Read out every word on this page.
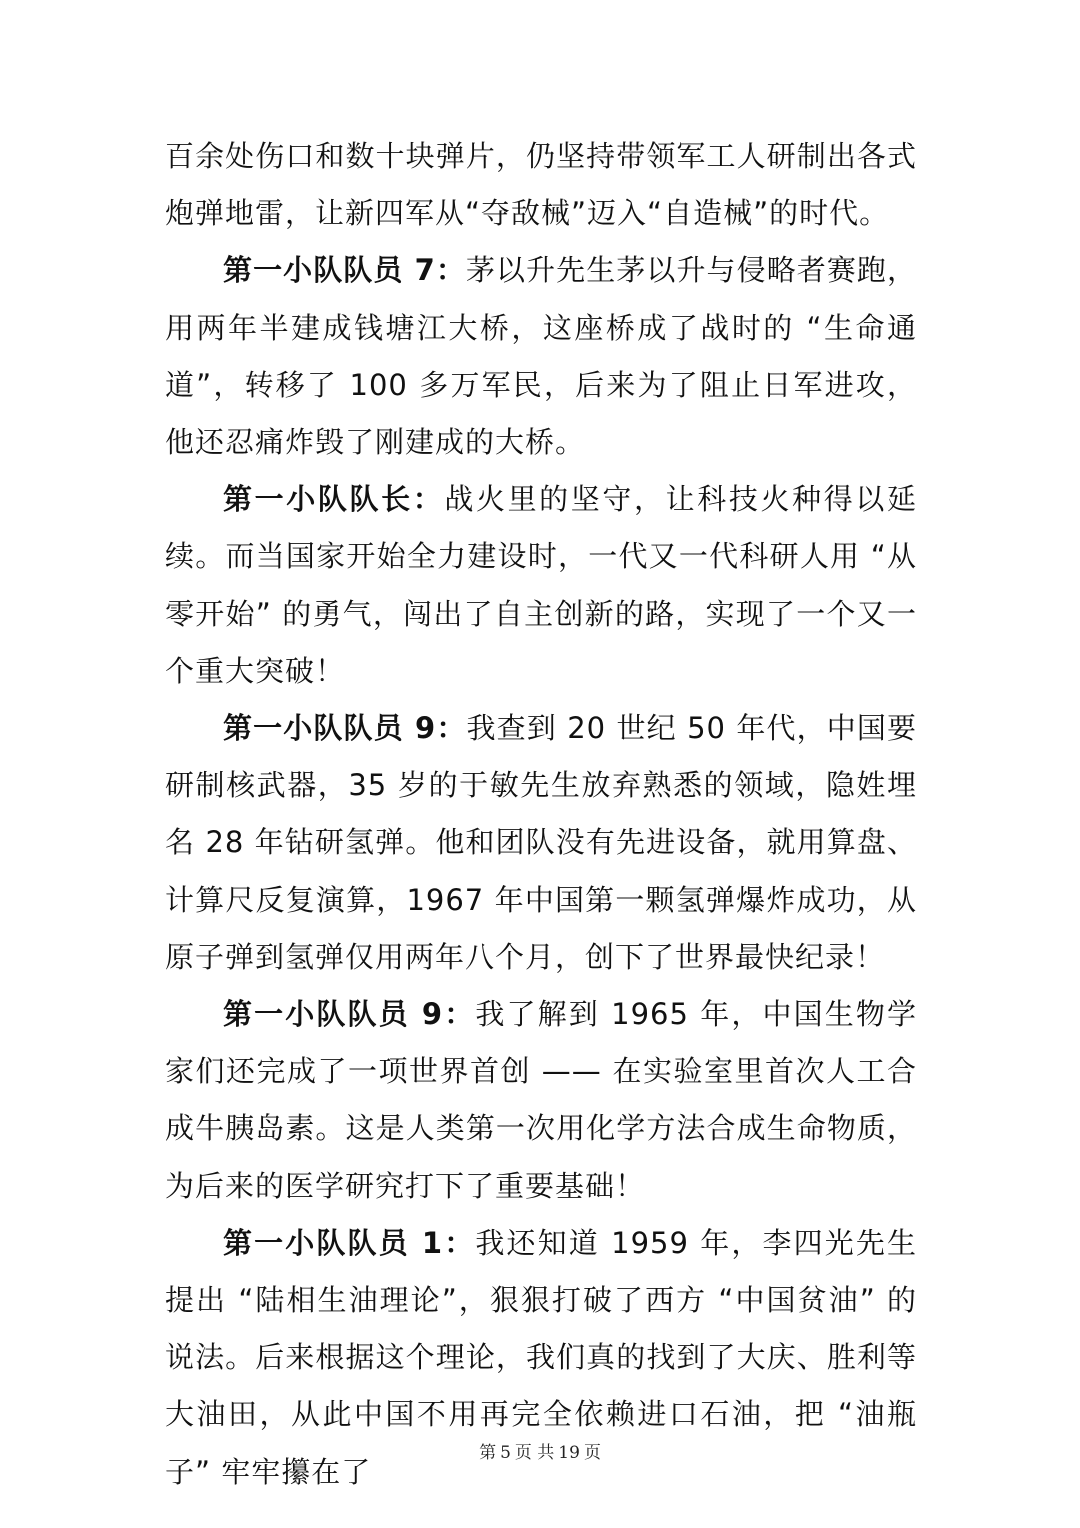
百余处伤口和数十块弹片，仍坚持带领军工人研制出各式炮弹地雷，让新四军从“夺敌械”迈入“自造械”的时代。

第一小队队员 7：茅以升先生茅以升与侵略者赛跑，用两年半建成钱塘江大桥，这座桥成了战时的 “生命通道”，转移了 100 多万军民，后来为了阻止日军进攻，他还忍痛炸毁了刚建成的大桥。

第一小队队长：战火里的坚守，让科技火种得以延续。而当国家开始全力建设时，一代又一代科研人用 “从零开始” 的勇气，闯出了自主创新的路，实现了一个又一个重大突破！

第一小队队员 9：我查到 20 世纪 50 年代，中国要研制核武器，35 岁的于敏先生放弃熟悉的领域，隐姓埋名 28 年钻研氢弹。他和团队没有先进设备，就用算盘、计算尺反复演算，1967 年中国第一颗氢弹爆炸成功，从原子弹到氢弹仅用两年八个月，创下了世界最快纪录！

第一小队队员 9：我了解到 1965 年，中国生物学家们还完成了一项世界首创 —— 在实验室里首次人工合成牛胰岛素。这是人类第一次用化学方法合成生命物质，为后来的医学研究打下了重要基础！

第一小队队员 1：我还知道 1959 年，李四光先生提出 “陆相生油理论”，狠狠打破了西方 “中国贫油” 的说法。后来根据这个理论，我们真的找到了大庆、胜利等大油田，从此中国不用再完全依赖进口石油，把 “油瓶子” 牢牢攥在了

第 5 页 共 19 页
